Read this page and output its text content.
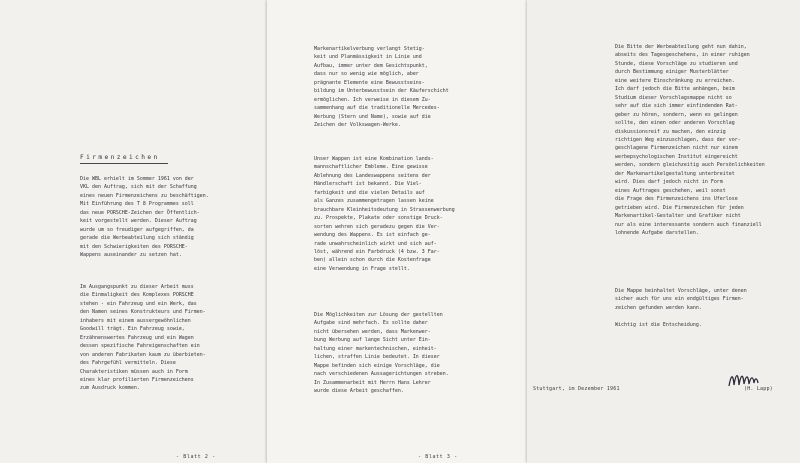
Firmenzeichen
Die WBL erhielt im Sommer 1961 von der
VKL den Auftrag, sich mit der Schaffung
eines neuen Firmenzeichens zu beschäftigen.
Mit Einführung des T 8 Programmes soll
das neue PORSCHE-Zeichen der Öffentlich-
keit vorgestellt werden. Dieser Auftrag
wurde um so freudiger aufgegriffen, da
gerade die Werbeabteilung sich ständig
mit den Schwierigkeiten des PORSCHE-
Wappens auseinander zu setzen hat.
Im Ausgangspunkt zu dieser Arbeit muss
die Einmaligkeit des Komplexes PORSCHE
stehen - ein Fahrzeug und ein Werk, das
den Namen seines Konstrukteurs und Firmen-
inhabers mit einem aussergewöhnlichen
Goodwill trägt. Ein Fahrzeug sowie,
Erzähnenswertes Fahrzeug und ein Wagen
dessen spezifische Fahreigenschaften ein
von anderen Fabrikaten kaum zu überbieten-
des Fahrgefühl vermitteln. Diese
Charakteristiken müssen auch in Form
eines klar profilierten Firmenzeichens
zum Ausdruck kommen.
- Blatt 2 -
Markenartikelverbung verlangt Stetig-
keit und Planmässigkeit in Linie und
Aufbau, immer unter dem Gesichtspunkt,
dass nur so wenig wie möglich, aber
prägnante Elemente eine Bewusstseins-
bildung im Unterbewusstsein der Käuferschicht
ermöglichen. Ich verweise in diesem Zu-
sammenhang auf die traditionelle Mercedes-
Werbung (Stern und Name), sowie auf die
Zeichen der Volkswagen-Werke.
Unser Wappen ist eine Kombination lands-
mannschaftlicher Embleme. Eine gewisse
Ablehnung des Landeswappens seitens der
Händlerschaft ist bekannt. Die Viel-
farbigkeit und die vielen Details auf
als Ganzes zusammengetragen lassen keine
brauchbare Kleinheitsdeutung in Strassenwerbung
zu. Prospekte, Plakate oder sonstige Druck-
sorten wehren sich geradezu gegen die Ver-
wendung des Wappens. Es ist einfach ge-
rade unwahrscheinlich wirkt und sich auf-
löst, während ein Farbdruck (4 bzw. 3 Far-
ben) allein schon durch die Kostenfrage
eine Verwendung in Frage stellt.
Die Möglichkeiten zur Lösung der gestellten
Aufgabe sind mehrfach. Es sollte daher
nicht übersehen werden, dass Markenwer-
bung Werbung auf lange Sicht unter Ein-
haltung einer markentechnischen, einheit-
lichen, straffen Linie bedeutet. In dieser
Mappe befinden sich einige Vorschläge, die
nach verschiedenen Aussagerichtungen streben.
In Zusammenarbeit mit Herrn Hans Lehrer
wurde diese Arbeit geschaffen.
- Blatt 3 -
Die Bitte der Werbeabteilung geht nun dahin,
abseits des Tagesgeschehens, in einer ruhigen
Stunde, diese Vorschläge zu studieren und
durch Bestimmung einiger Musterblätter
eine weitere Einschränkung zu erreichen.
Ich darf jedoch die Bitte anhängen, beim
Studium dieser Vorschlagsmappe nicht so
sehr auf die sich immer einfindenden Rat-
geber zu hören, sondern, wenn es gelingen
sollte, den einen oder anderen Vorschlag
diskussionsreif zu machen, den einzig
richtigen Weg einzuschlagen, dass der vor-
geschlagene Firmenzeichen nicht nur einem
werbepsychologischen Institut eingereicht
werden, sondern gleichzeitig auch Persönlichkeiten
der Markenartikelgestaltung unterbreitet
wird. Dies darf jedoch nicht in Form
eines Auftrages geschehen, weil sonst
die Frage des Firmenzeichens ins Uferlose
getrieben wird. Die Firmenzeichen für jeden
Markenartikel-Gestalter und Grafiker nicht
nur als eine interessante sondern auch finanziell
lohnende Aufgabe darstellen.
Die Mappe beinhaltet Vorschläge, unter denen
sicher auch für uns ein endgültiges Firmen-
zeichen gefunden werden kann.
Wichtig ist die Entscheidung.
Stuttgart, im Dezember 1961	(H. Lapp)
